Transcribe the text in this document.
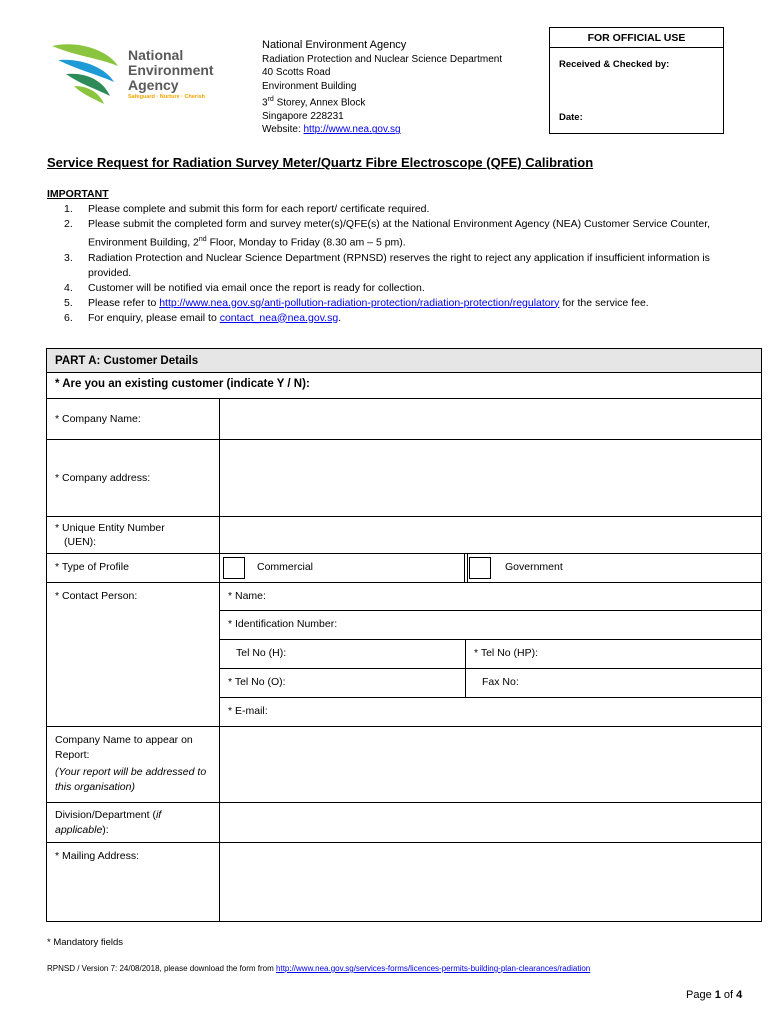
National
Environment
Agency
Safeguard · Nurture · Cherish
National Environment Agency
Radiation Protection and Nuclear Science Department
40 Scotts Road
Environment Building
3rd Storey, Annex Block
Singapore 228231
Website: http://www.nea.gov.sg
FOR OFFICIAL USE
Received & Checked by:
Date:
Service Request for Radiation Survey Meter/Quartz Fibre Electroscope (QFE) Calibration
IMPORTANT
1. Please complete and submit this form for each report/ certificate required.
2. Please submit the completed form and survey meter(s)/QFE(s) at the National Environment Agency (NEA) Customer Service Counter, Environment Building, 2nd Floor, Monday to Friday (8.30 am – 5 pm).
3. Radiation Protection and Nuclear Science Department (RPNSD) reserves the right to reject any application if insufficient information is provided.
4. Customer will be notified via email once the report is ready for collection.
5. Please refer to http://www.nea.gov.sg/anti-pollution-radiation-protection/radiation-protection/regulatory for the service fee.
6. For enquiry, please email to contact_nea@nea.gov.sg.
PART A: Customer Details
* Are you an existing customer (indicate Y / N):
* Company Name:
* Company address:
* Unique Entity Number
(UEN):
* Type of Profile	Commercial	Government
* Contact Person:	* Name:
* Identification Number:
Tel No (H):	* Tel No (HP):
* Tel No (O):	Fax No:
* E-mail:
Company Name to appear on Report:
(Your report will be addressed to this organisation)
Division/Department (if applicable):
* Mailing Address:
* Mandatory fields
RPNSD / Version 7: 24/08/2018, please download the form from http://www.nea.gov.sg/services-forms/licences-permits-building-plan-clearances/radiation
Page 1 of 4
